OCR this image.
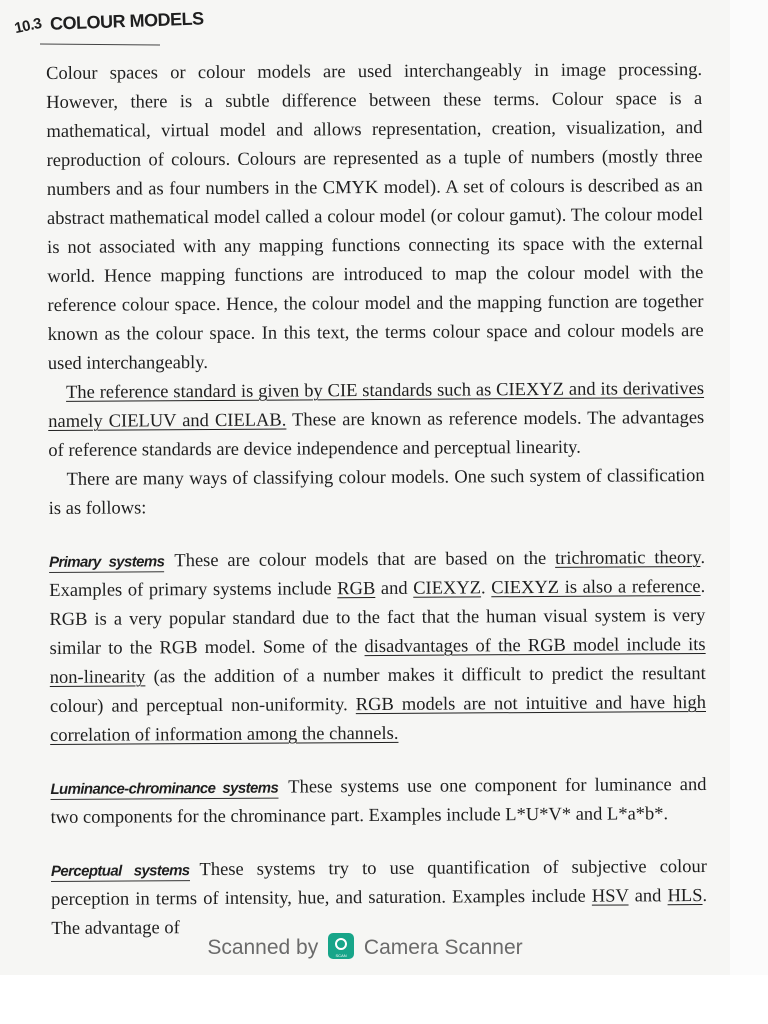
10.3 COLOUR MODELS

Colour spaces or colour models are used interchangeably in image processing. However, there is a subtle difference between these terms. Colour space is a mathematical, virtual model and allows representation, creation, visualization, and reproduction of colours. Colours are represented as a tuple of numbers (mostly three numbers and as four numbers in the CMYK model). A set of colours is described as an abstract mathematical model called a colour model (or colour gamut). The colour model is not associated with any mapping functions connecting its space with the external world. Hence mapping functions are introduced to map the colour model with the reference colour space. Hence, the colour model and the mapping function are together known as the colour space. In this text, the terms colour space and colour models are used interchangeably.

The reference standard is given by CIE standards such as CIEXYZ and its derivatives namely CIELUV and CIELAB. These are known as reference models. The advantages of reference standards are device independence and perceptual linearity.

There are many ways of classifying colour models. One such system of classification is as follows:

Primary systems These are colour models that are based on the trichromatic theory. Examples of primary systems include RGB and CIEXYZ. CIEXYZ is also a reference. RGB is a very popular standard due to the fact that the human visual system is very similar to the RGB model. Some of the disadvantages of the RGB model include its non-linearity (as the addition of a number makes it difficult to predict the resultant colour) and perceptual non-uniformity. RGB models are not intuitive and have high correlation of information among the channels.

Luminance-chrominance systems These systems use one component for luminance and two components for the chrominance part. Examples include L*U*V* and L*a*b*.

Perceptual systems These systems try to use quantification of subjective colour perception in terms of intensity, hue, and saturation. Examples include HSV and HLS. The advantage of

Scanned by	SCAN Camera Scanner
